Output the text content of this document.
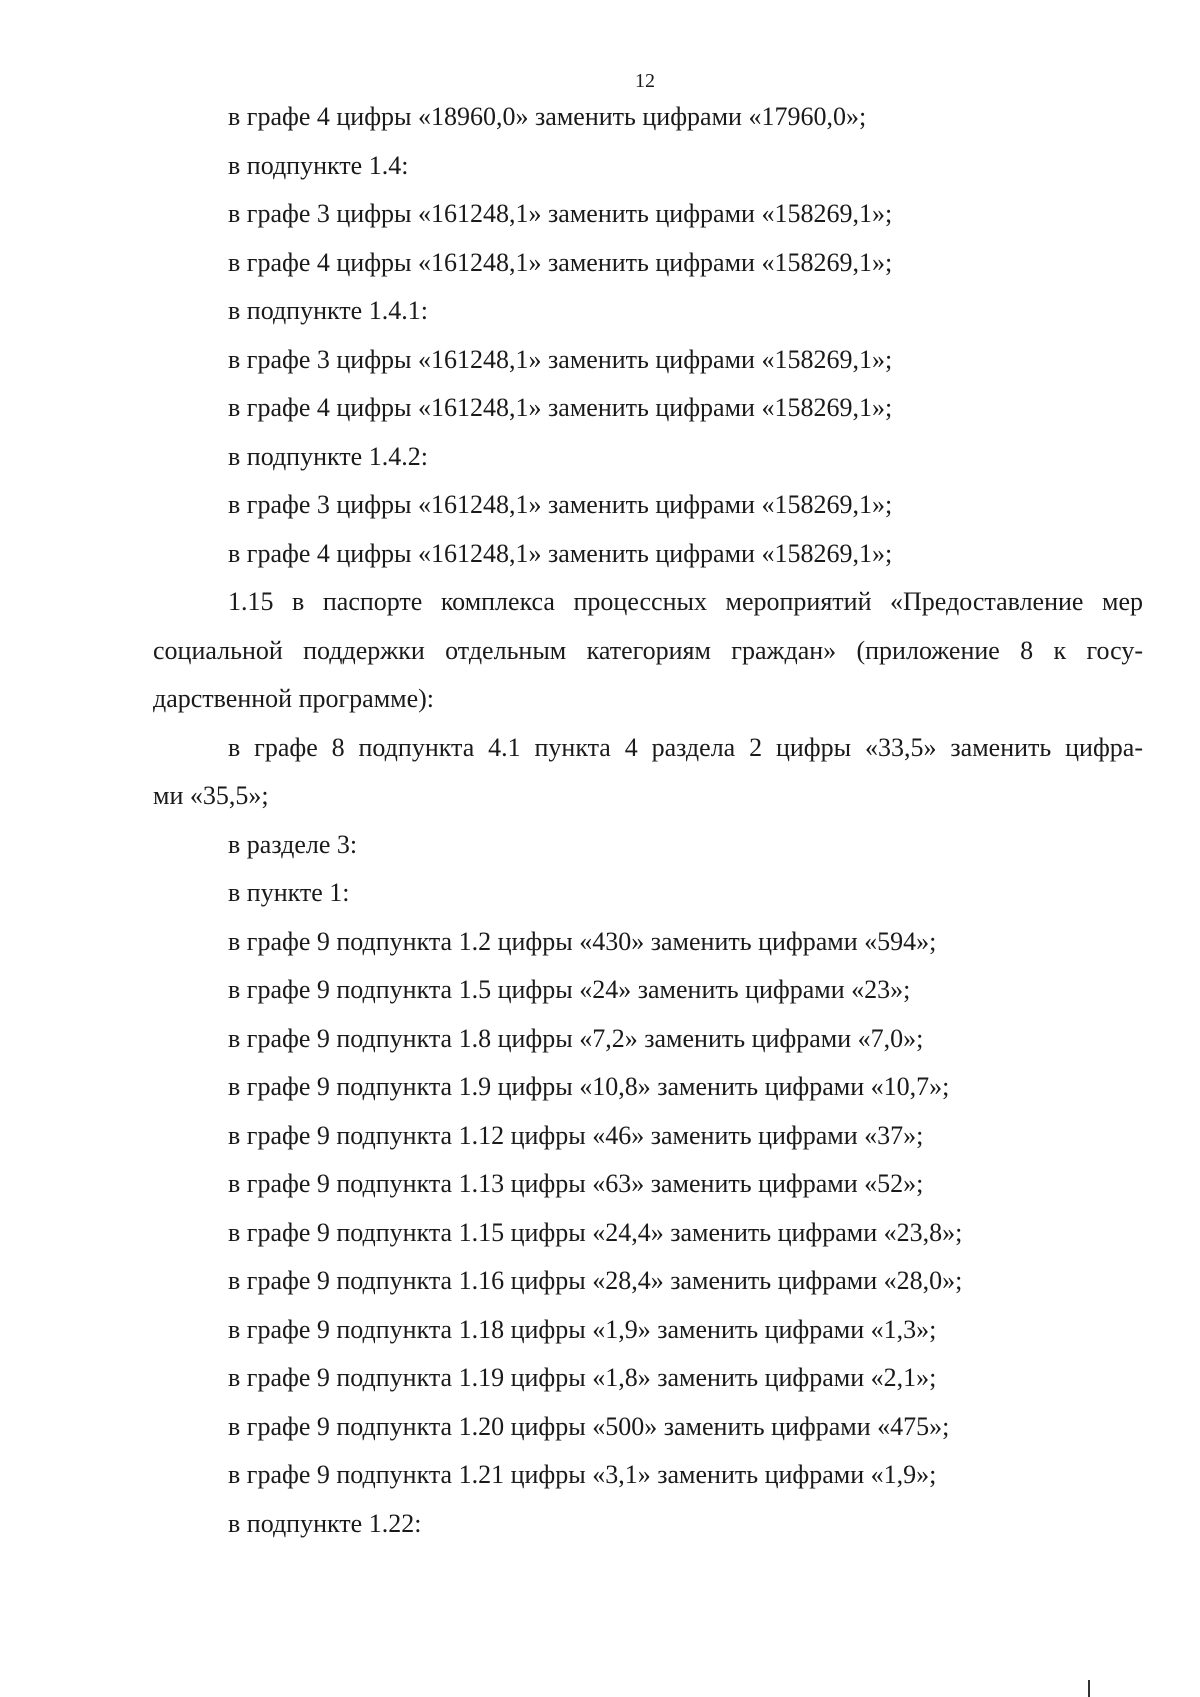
12
в графе 4 цифры «18960,0» заменить цифрами «17960,0»;
в подпункте 1.4:
в графе 3 цифры «161248,1» заменить цифрами «158269,1»;
в графе 4 цифры «161248,1» заменить цифрами «158269,1»;
в подпункте 1.4.1:
в графе 3 цифры «161248,1» заменить цифрами «158269,1»;
в графе 4 цифры «161248,1» заменить цифрами «158269,1»;
в подпункте 1.4.2:
в графе 3 цифры «161248,1» заменить цифрами «158269,1»;
в графе 4 цифры «161248,1» заменить цифрами «158269,1»;
1.15 в паспорте комплекса процессных мероприятий «Предоставление мер
социальной поддержки отдельным категориям граждан» (приложение 8 к госу-
дарственной программе):
в графе 8 подпункта 4.1 пункта 4 раздела 2 цифры «33,5» заменить цифра-
ми «35,5»;
в разделе 3:
в пункте 1:
в графе 9 подпункта 1.2 цифры «430» заменить цифрами «594»;
в графе 9 подпункта 1.5 цифры «24» заменить цифрами «23»;
в графе 9 подпункта 1.8 цифры «7,2» заменить цифрами «7,0»;
в графе 9 подпункта 1.9 цифры «10,8» заменить цифрами «10,7»;
в графе 9 подпункта 1.12 цифры «46» заменить цифрами «37»;
в графе 9 подпункта 1.13 цифры «63» заменить цифрами «52»;
в графе 9 подпункта 1.15 цифры «24,4» заменить цифрами «23,8»;
в графе 9 подпункта 1.16 цифры «28,4» заменить цифрами «28,0»;
в графе 9 подпункта 1.18 цифры «1,9» заменить цифрами «1,3»;
в графе 9 подпункта 1.19 цифры «1,8» заменить цифрами «2,1»;
в графе 9 подпункта 1.20 цифры «500» заменить цифрами «475»;
в графе 9 подпункта 1.21 цифры «3,1» заменить цифрами «1,9»;
в подпункте 1.22:
